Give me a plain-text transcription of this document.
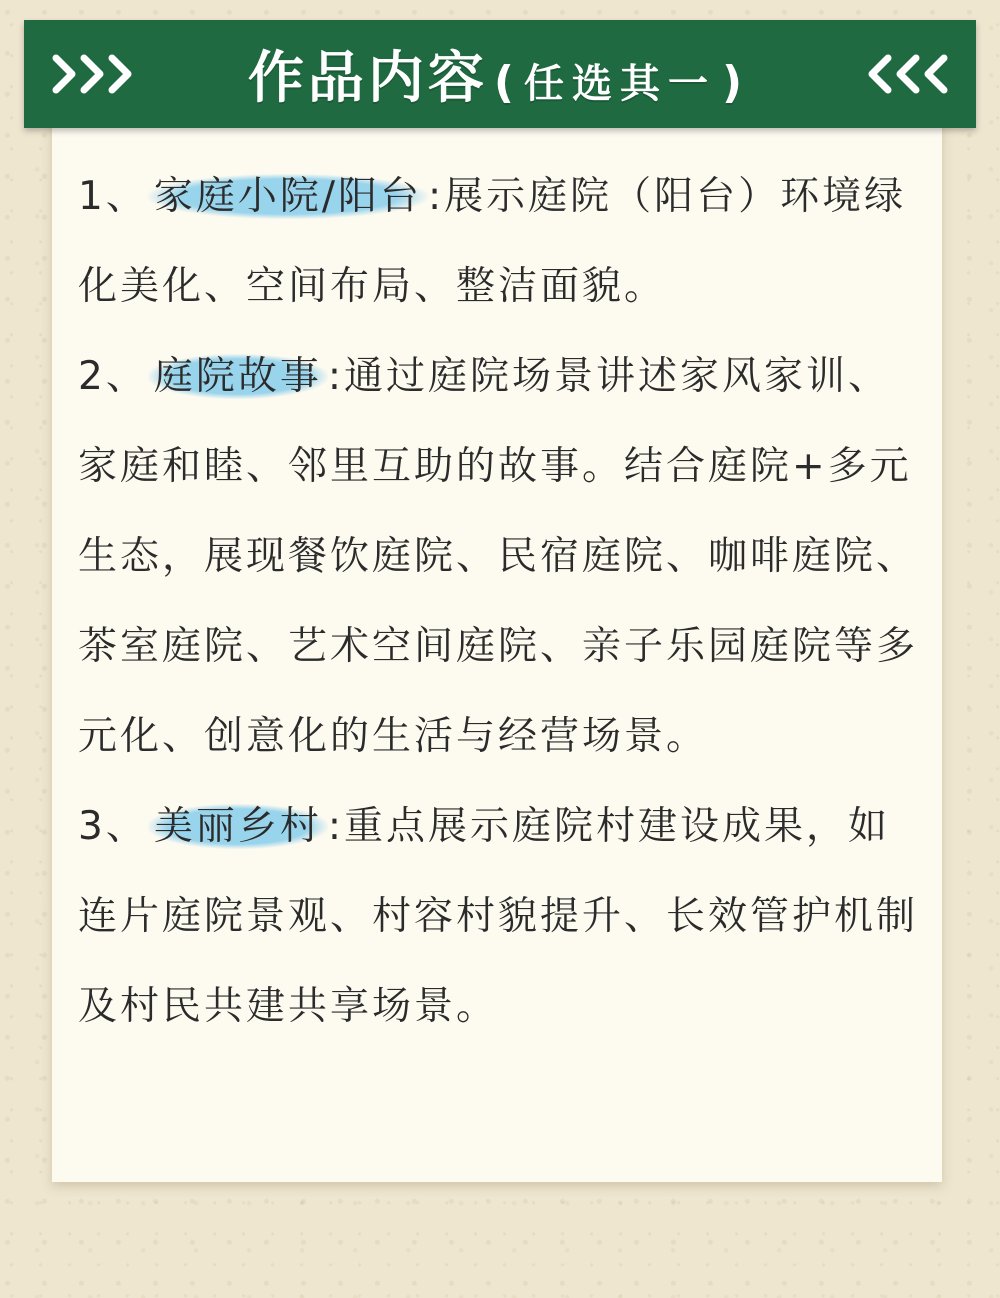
作品内容 ( 任选其一 )

1、 家庭小院/阳台 :展示庭院（阳台）环境绿化美化、空间布局、整洁面貌。

2、 庭院故事 :通过庭院场景讲述家风家训、家庭和睦、邻里互助的故事。结合庭院+多元生态，展现餐饮庭院、民宿庭院、咖啡庭院、茶室庭院、艺术空间庭院、亲子乐园庭院等多元化、创意化的生活与经营场景。

3、 美丽乡村 :重点展示庭院村建设成果，如连片庭院景观、村容村貌提升、长效管护机制及村民共建共享场景。
